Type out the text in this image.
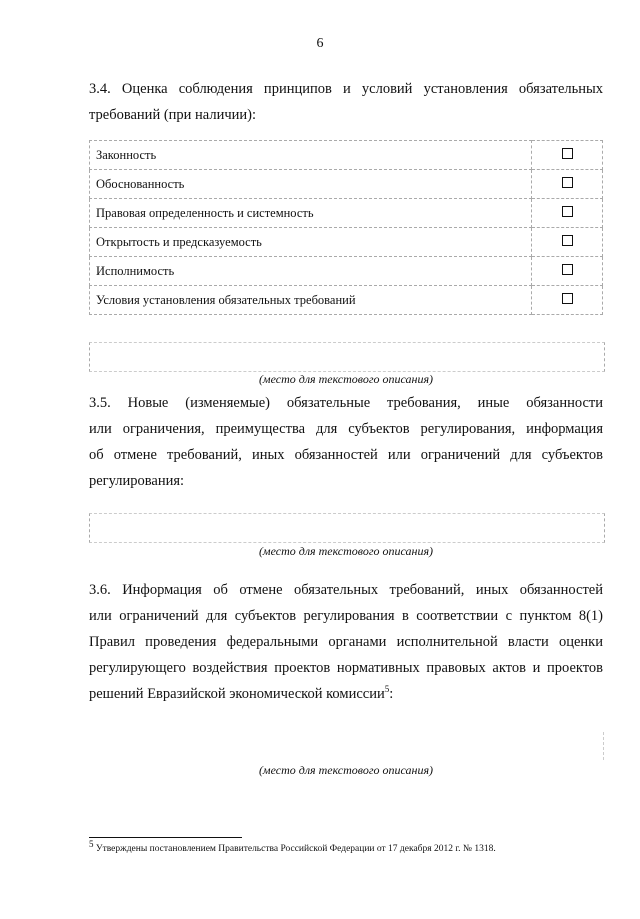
6
3.4. Оценка соблюдения принципов и условий установления обязательных
требований (при наличии):
Законность	
Обоснованность	
Правовая определенность и системность	
Открытость и предсказуемость	
Исполнимость	
Условия установления обязательных требований	
(место для текстового описания)
3.5. Новые (изменяемые) обязательные требования, иные обязанности
или ограничения, преимущества для субъектов регулирования, информация
об отмене требований, иных обязанностей или ограничений для субъектов
регулирования:
(место для текстового описания)
3.6. Информация об отмене обязательных требований, иных обязанностей
или ограничений для субъектов регулирования в соответствии с пунктом 8(1)
Правил проведения федеральными органами исполнительной власти оценки
регулирующего воздействия проектов нормативных правовых актов и проектов
решений Евразийской экономической комиссии$^5$:
(место для текстового описания)
$^5$ Утверждены постановлением Правительства Российской Федерации от 17 декабря 2012 г. № 1318.
